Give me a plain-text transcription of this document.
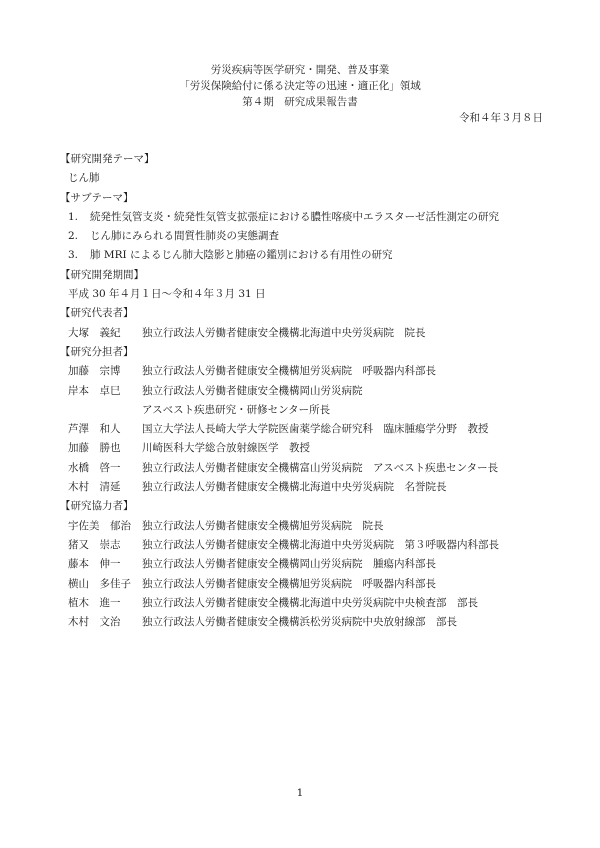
労災疾病等医学研究・開発、普及事業
「労災保険給付に係る決定等の迅速・適正化」領域
第４期　研究成果報告書
令和４年３月８日
【研究開発テーマ】
じん肺
【サブテーマ】
1. 続発性気管支炎・続発性気管支拡張症における膿性喀痰中エラスターゼ活性測定の研究
2. じん肺にみられる間質性肺炎の実態調査
3. 肺 MRI によるじん肺大陰影と肺癌の鑑別における有用性の研究
【研究開発期間】
平成 30 年４月１日～令和４年３月 31 日
【研究代表者】
大塚　義紀 独立行政法人労働者健康安全機構北海道中央労災病院　院長
【研究分担者】
加藤　宗博 独立行政法人労働者健康安全機構旭労災病院　呼吸器内科部長
岸本　卓巳 独立行政法人労働者健康安全機構岡山労災病院
アスベスト疾患研究・研修センター所長
芦澤　和人 国立大学法人長崎大学大学院医歯薬学総合研究科　臨床腫瘍学分野　教授
加藤　勝也 川崎医科大学総合放射線医学　教授
水橋　啓一 独立行政法人労働者健康安全機構富山労災病院　アスベスト疾患センター長
木村　清延 独立行政法人労働者健康安全機構北海道中央労災病院　名誉院長
【研究協力者】
宇佐美　郁治 独立行政法人労働者健康安全機構旭労災病院　院長
猪又　崇志 独立行政法人労働者健康安全機構北海道中央労災病院　第３呼吸器内科部長
藤本　伸一 独立行政法人労働者健康安全機構岡山労災病院　腫瘍内科部長
横山　多佳子 独立行政法人労働者健康安全機構旭労災病院　呼吸器内科部長
植木　進一 独立行政法人労働者健康安全機構北海道中央労災病院中央検査部　部長
木村　文治 独立行政法人労働者健康安全機構浜松労災病院中央放射線部　部長
1
